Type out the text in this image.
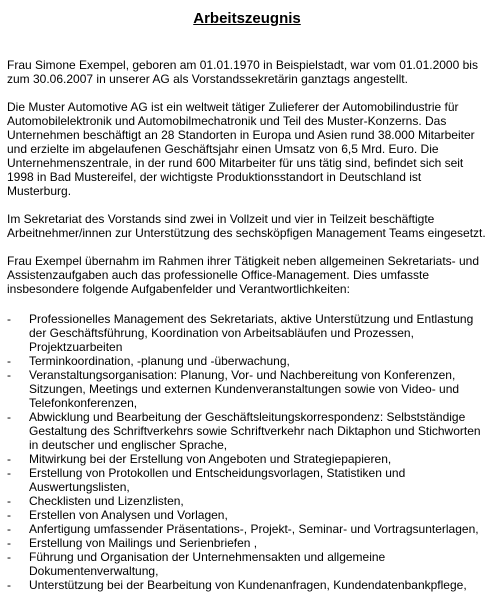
Arbeitszeugnis

Frau Simone Exempel, geboren am 01.01.1970 in Beispielstadt, war vom 01.01.2000 bis zum 30.06.2007 in unserer AG als Vorstandssekretärin ganztags angestellt.

Die Muster Automotive AG ist ein weltweit tätiger Zulieferer der Automobilindustrie für Automobilelektronik und Automobilmechatronik und Teil des Muster-Konzerns. Das Unternehmen beschäftigt an 28 Standorten in Europa und Asien rund 38.000 Mitarbeiter und erzielte im abgelaufenen Geschäftsjahr einen Umsatz von 6,5 Mrd. Euro. Die Unternehmenszentrale, in der rund 600 Mitarbeiter für uns tätig sind, befindet sich seit 1998 in Bad Mustereifel, der wichtigste Produktionsstandort in Deutschland ist Musterburg.

Im Sekretariat des Vorstands sind zwei in Vollzeit und vier in Teilzeit beschäftigte Arbeitnehmer/innen zur Unterstützung des sechsköpfigen Management Teams eingesetzt.

Frau Exempel übernahm im Rahmen ihrer Tätigkeit neben allgemeinen Sekretariats- und Assistenzaufgaben auch das professionelle Office-Management. Dies umfasste insbesondere folgende Aufgabenfelder und Verantwortlichkeiten:

- Professionelles Management des Sekretariats, aktive Unterstützung und Entlastung der Geschäftsführung, Koordination von Arbeitsabläufen und Prozessen, Projektzuarbeiten
- Terminkoordination, -planung und -überwachung,
- Veranstaltungsorganisation: Planung, Vor- und Nachbereitung von Konferenzen, Sitzungen, Meetings und externen Kundenveranstaltungen sowie von Video- und Telefonkonferenzen,
- Abwicklung und Bearbeitung der Geschäftsleitungskorrespondenz: Selbstständige Gestaltung des Schriftverkehrs sowie Schriftverkehr nach Diktaphon und Stichworten in deutscher und englischer Sprache,
- Mitwirkung bei der Erstellung von Angeboten und Strategiepapieren,
- Erstellung von Protokollen und Entscheidungsvorlagen, Statistiken und Auswertungslisten,
- Checklisten und Lizenzlisten,
- Erstellen von Analysen und Vorlagen,
- Anfertigung umfassender Präsentations-, Projekt-, Seminar- und Vortragsunterlagen,
- Erstellung von Mailings und Serienbriefen ,
- Führung und Organisation der Unternehmensakten und allgemeine Dokumentenverwaltung,
- Unterstützung bei der Bearbeitung von Kundenanfragen, Kundendatenbankpflege,
